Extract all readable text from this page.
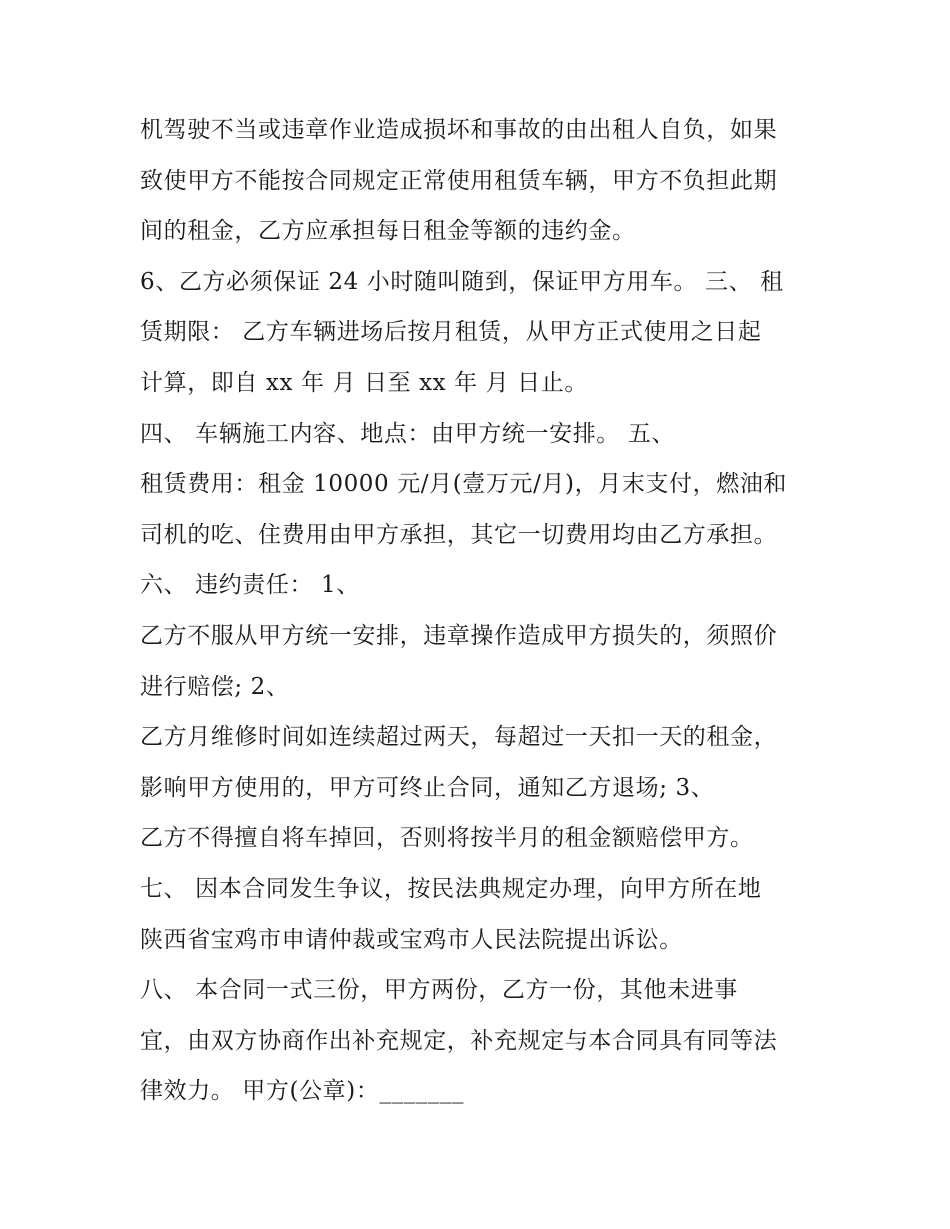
机驾驶不当或违章作业造成损坏和事故的由出租人自负，如果
致使甲方不能按合同规定正常使用租赁车辆，甲方不负担此期
间的租金，乙方应承担每日租金等额的违约金。
6、乙方必须保证 24 小时随叫随到，保证甲方用车。 三、 租
赁期限： 乙方车辆进场后按月租赁，从甲方正式使用之日起
计算，即自 xx 年 月 日至 xx 年 月 日止。
四、 车辆施工内容、地点：由甲方统一安排。 五、
租赁费用：租金 10000 元/月(壹万元/月)，月末支付，燃油和
司机的吃、住费用由甲方承担，其它一切费用均由乙方承担。
六、 违约责任： 1、
乙方不服从甲方统一安排，违章操作造成甲方损失的，须照价
进行赔偿; 2、
乙方月维修时间如连续超过两天，每超过一天扣一天的租金，
影响甲方使用的，甲方可终止合同，通知乙方退场; 3、
乙方不得擅自将车掉回，否则将按半月的租金额赔偿甲方。
七、 因本合同发生争议，按民法典规定办理，向甲方所在地
陕西省宝鸡市申请仲裁或宝鸡市人民法院提出诉讼。
八、 本合同一式三份，甲方两份，乙方一份，其他未进事
宜，由双方协商作出补充规定，补充规定与本合同具有同等法
律效力。 甲方(公章)：_______
